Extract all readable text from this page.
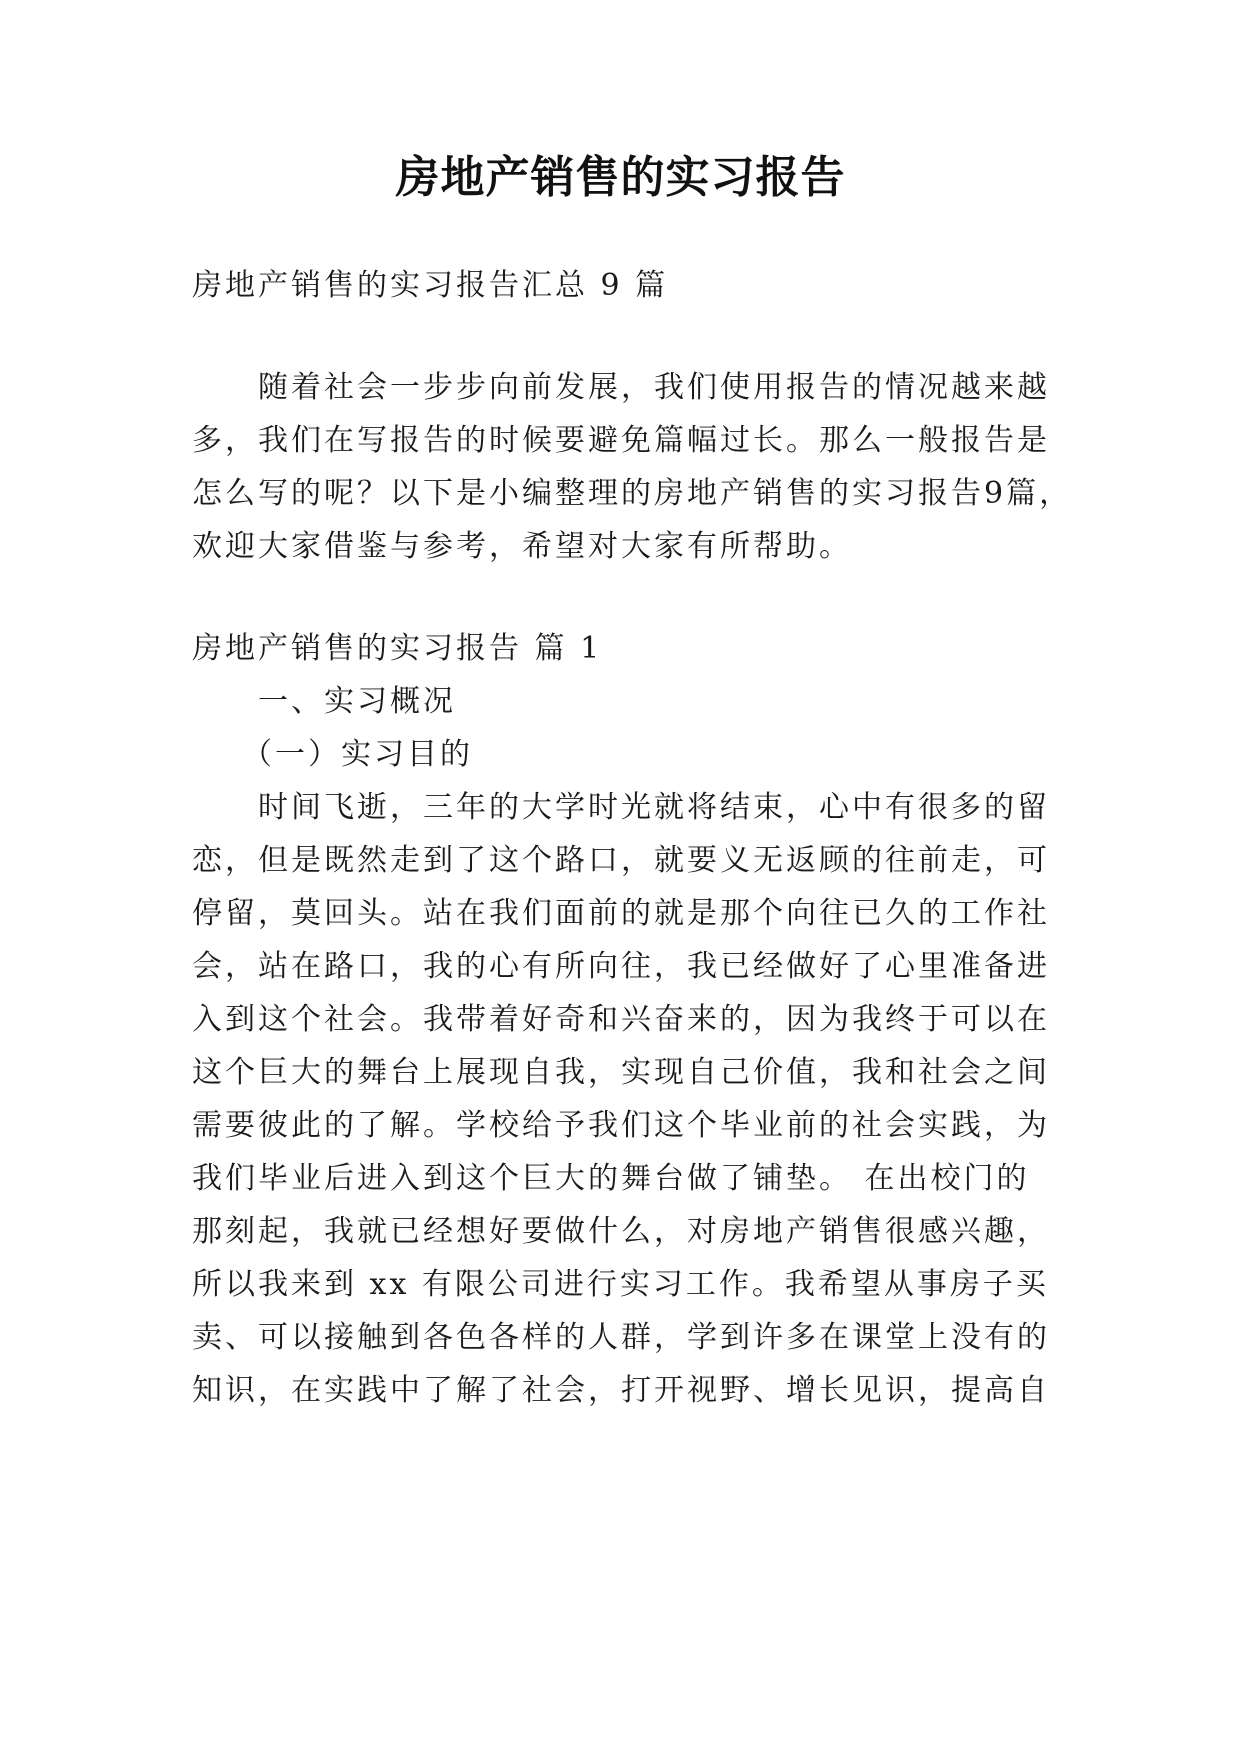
房地产销售的实习报告
房地产销售的实习报告汇总 9 篇
随着社会一步步向前发展，我们使用报告的情况越来越
多，我们在写报告的时候要避免篇幅过长。那么一般报告是
怎么写的呢？以下是小编整理的房地产销售的实习报告9篇，
欢迎大家借鉴与参考，希望对大家有所帮助。
房地产销售的实习报告 篇 1
一、实习概况
（一）实习目的
时间飞逝，三年的大学时光就将结束，心中有很多的留
恋，但是既然走到了这个路口，就要义无返顾的往前走，可
停留，莫回头。站在我们面前的就是那个向往已久的工作社
会，站在路口，我的心有所向往，我已经做好了心里准备进
入到这个社会。我带着好奇和兴奋来的，因为我终于可以在
这个巨大的舞台上展现自我，实现自己价值，我和社会之间
需要彼此的了解。学校给予我们这个毕业前的社会实践，为
我们毕业后进入到这个巨大的舞台做了铺垫。 在出校门的
那刻起，我就已经想好要做什么，对房地产销售很感兴趣，
所以我来到 xx 有限公司进行实习工作。我希望从事房子买
卖、可以接触到各色各样的人群，学到许多在课堂上没有的
知识，在实践中了解了社会，打开视野、增长见识，提高自
